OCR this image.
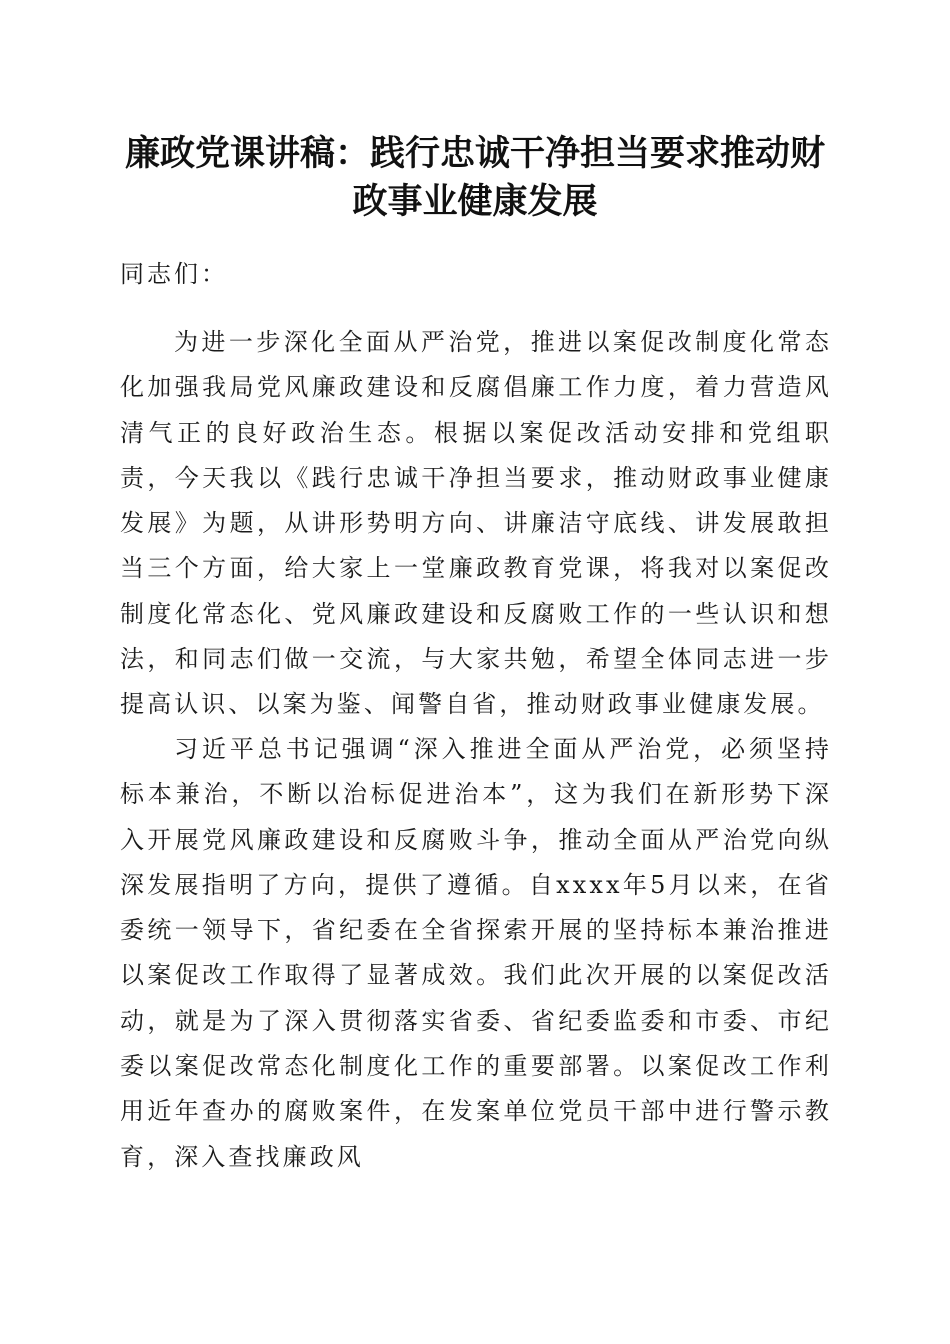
廉政党课讲稿：践行忠诚干净担当要求推动财政事业健康发展

同志们：

为进一步深化全面从严治党，推进以案促改制度化常态化加强我局党风廉政建设和反腐倡廉工作力度，着力营造风清气正的良好政治生态。根据以案促改活动安排和党组职责，今天我以《践行忠诚干净担当要求，推动财政事业健康发展》为题，从讲形势明方向、讲廉洁守底线、讲发展敢担当三个方面，给大家上一堂廉政教育党课，将我对以案促改制度化常态化、党风廉政建设和反腐败工作的一些认识和想法，和同志们做一交流，与大家共勉，希望全体同志进一步提高认识、以案为鉴、闻警自省，推动财政事业健康发展。

习近平总书记强调“深入推进全面从严治党，必须坚持标本兼治，不断以治标促进治本”，这为我们在新形势下深入开展党风廉政建设和反腐败斗争，推动全面从严治党向纵深发展指明了方向，提供了遵循。自xxxx年5月以来，在省委统一领导下，省纪委在全省探索开展的坚持标本兼治推进以案促改工作取得了显著成效。我们此次开展的以案促改活动，就是为了深入贯彻落实省委、省纪委监委和市委、市纪委以案促改常态化制度化工作的重要部署。以案促改工作利用近年查办的腐败案件，在发案单位党员干部中进行警示教育，深入查找廉政风
